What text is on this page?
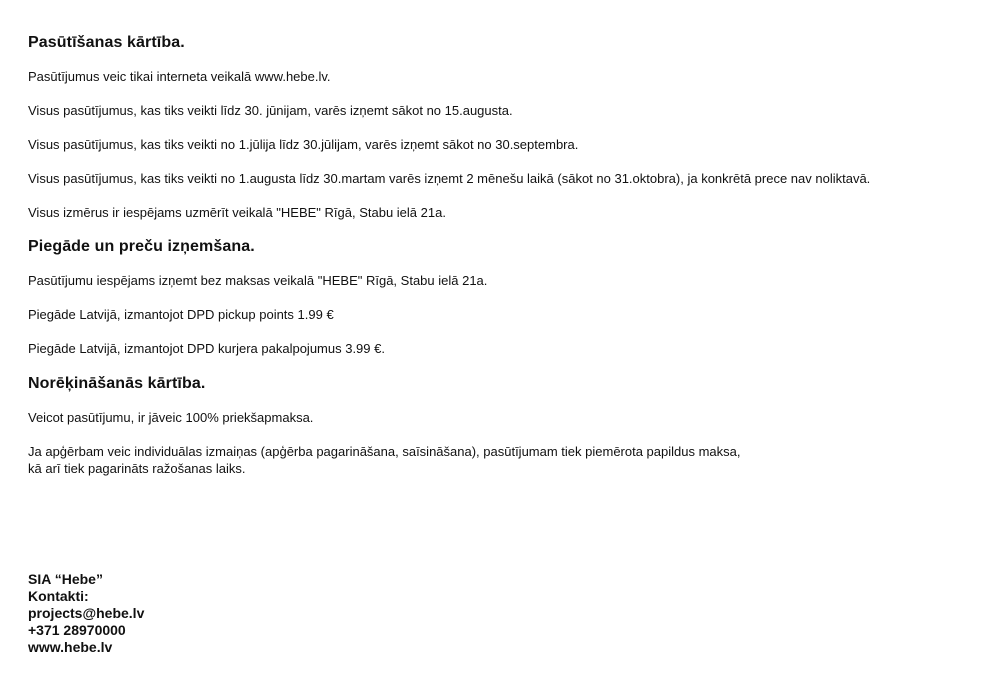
Pasūtīšanas kārtība.
Pasūtījumus veic tikai interneta veikalā www.hebe.lv.
Visus pasūtījumus, kas tiks veikti līdz 30. jūnijam, varēs izņemt sākot no 15.augusta.
Visus pasūtījumus, kas tiks veikti no 1.jūlija līdz 30.jūlijam, varēs izņemt sākot no 30.septembra.
Visus pasūtījumus, kas tiks veikti no 1.augusta līdz 30.martam varēs izņemt 2 mēnešu laikā (sākot no 31.oktobra), ja konkrētā prece nav noliktavā.
Visus izmērus ir iespējams uzmērīt veikalā "HEBE" Rīgā, Stabu ielā 21a.
Piegāde un preču izņemšana.
Pasūtījumu iespējams izņemt bez maksas veikalā "HEBE" Rīgā, Stabu ielā 21a.
Piegāde Latvijā, izmantojot DPD pickup points 1.99 €
Piegāde Latvijā, izmantojot DPD kurjera pakalpojumus 3.99 €.
Norēķināšanās kārtība.
Veicot pasūtījumu, ir jāveic 100% priekšapmaksa.
Ja apģērbam veic individuālas izmaiņas (apģērba pagarināšana, saīsināšana), pasūtījumam tiek piemērota papildus maksa,
kā arī tiek pagarināts ražošanas laiks.
SIA “Hebe”
Kontakti:
projects@hebe.lv
+371 28970000
www.hebe.lv
